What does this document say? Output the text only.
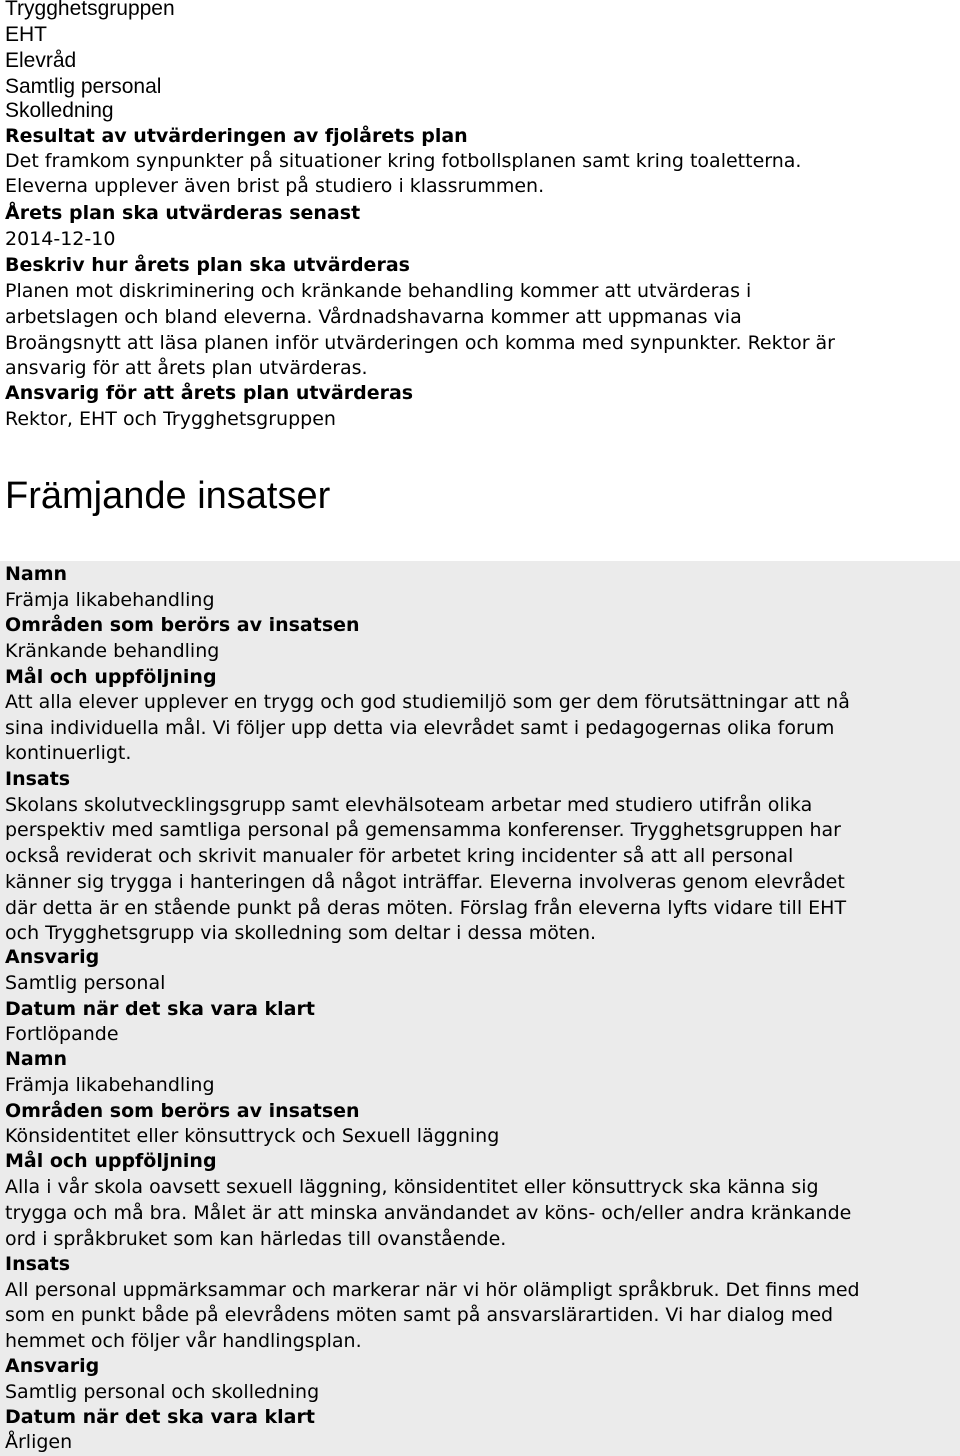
Trygghetsgruppen
EHT
Elevråd
Samtlig personal
Skolledning
Resultat av utvärderingen av fjolårets plan
Det framkom synpunkter på situationer kring fotbollsplanen samt kring toaletterna.
Eleverna upplever även brist på studiero i klassrummen.
Årets plan ska utvärderas senast
2014-12-10
Beskriv hur årets plan ska utvärderas
Planen mot diskriminering och kränkande behandling kommer att utvärderas i
arbetslagen och bland eleverna. Vårdnadshavarna kommer att uppmanas via
Broängsnytt att läsa planen inför utvärderingen och komma med synpunkter. Rektor är
ansvarig för att årets plan utvärderas.
Ansvarig för att årets plan utvärderas
Rektor, EHT och Trygghetsgruppen
Främjande insatser
Namn
Främja likabehandling
Områden som berörs av insatsen
Kränkande behandling
Mål och uppföljning
Att alla elever upplever en trygg och god studiemiljö som ger dem förutsättningar att nå
sina individuella mål. Vi följer upp detta via elevrådet samt i pedagogernas olika forum
kontinuerligt.
Insats
Skolans skolutvecklingsgrupp samt elevhälsoteam arbetar med studiero utifrån olika
perspektiv med samtliga personal på gemensamma konferenser. Trygghetsgruppen har
också reviderat och skrivit manualer för arbetet kring incidenter så att all personal
känner sig trygga i hanteringen då något inträffar. Eleverna involveras genom elevrådet
där detta är en stående punkt på deras möten. Förslag från eleverna lyfts vidare till EHT
och Trygghetsgrupp via skolledning som deltar i dessa möten.
Ansvarig
Samtlig personal
Datum när det ska vara klart
Fortlöpande
Namn
Främja likabehandling
Områden som berörs av insatsen
Könsidentitet eller könsuttryck och Sexuell läggning
Mål och uppföljning
Alla i vår skola oavsett sexuell läggning, könsidentitet eller könsuttryck ska känna sig
trygga och må bra. Målet är att minska användandet av köns- och/eller andra kränkande
ord i språkbruket som kan härledas till ovanstående.
Insats
All personal uppmärksammar och markerar när vi hör olämpligt språkbruk. Det finns med
som en punkt både på elevrådens möten samt på ansvarslärartiden. Vi har dialog med
hemmet och följer vår handlingsplan.
Ansvarig
Samtlig personal och skolledning
Datum när det ska vara klart
Årligen
